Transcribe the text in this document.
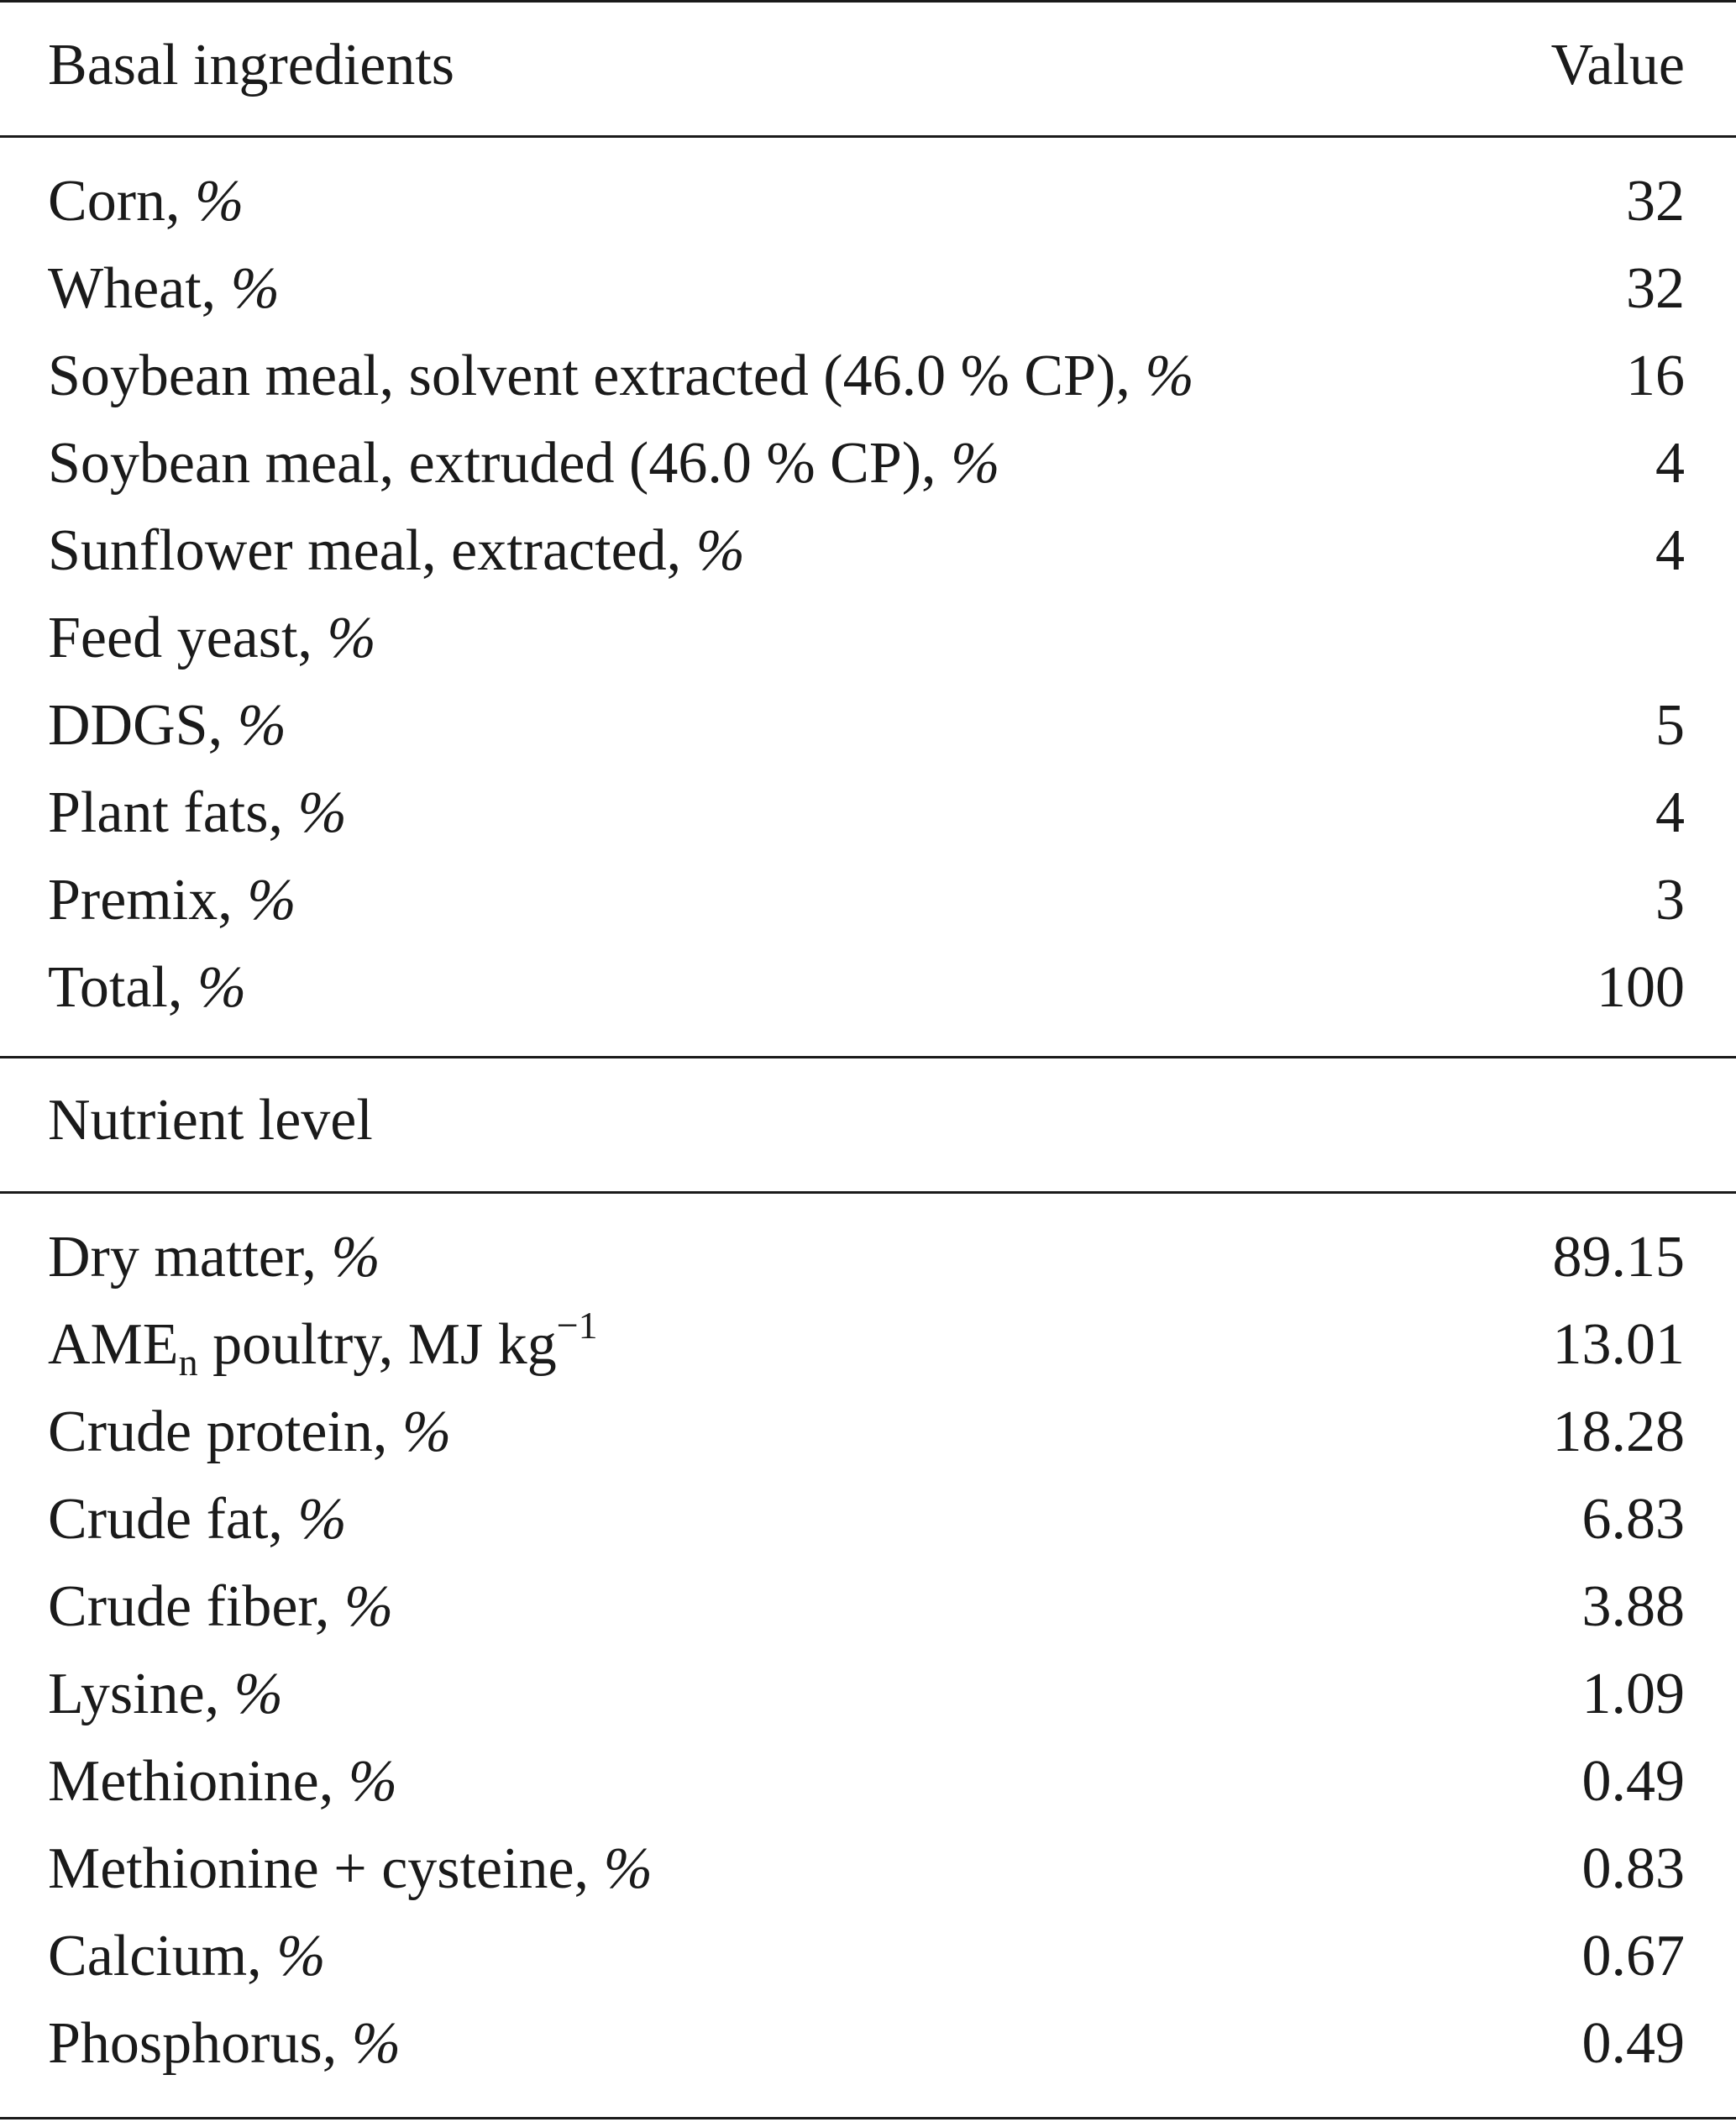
Basal ingredients	Value
Corn, %	32
Wheat, %	32
Soybean meal, solvent extracted (46.0 % CP), %	16
Soybean meal, extruded (46.0 % CP), %	4
Sunflower meal, extracted, %	4
Feed yeast, %
DDGS, %	5
Plant fats, %	4
Premix, %	3
Total, %	100
Nutrient level
Dry matter, %	89.15
$AME_n$ poultry, MJ $kg^{-1}$	13.01
Crude protein, %	18.28
Crude fat, %	6.83
Crude fiber, %	3.88
Lysine, %	1.09
Methionine, %	0.49
Methionine + cysteine, %	0.83
Calcium, %	0.67
Phosphorus, %	0.49
